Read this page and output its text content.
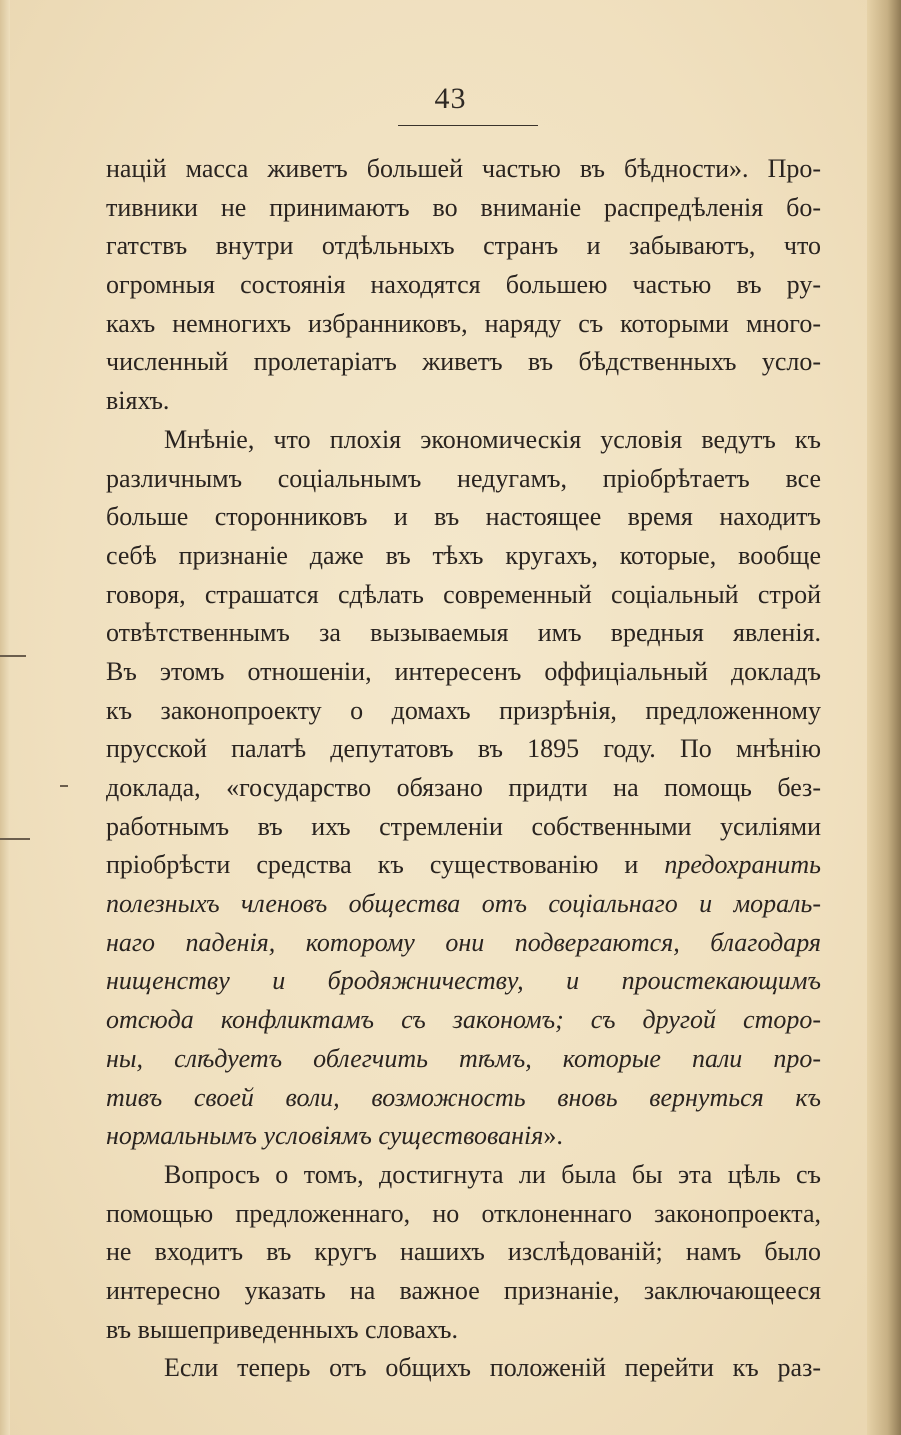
43
націй масса живетъ большей частью въ бѣдности». Про-
тивники не принимаютъ во вниманіе распредѣленія бо-
гатствъ внутри отдѣльныхъ странъ и забываютъ, что
огромныя состоянія находятся большею частью въ ру-
кахъ немногихъ избранниковъ, наряду съ которыми много-
численный пролетаріатъ живетъ въ бѣдственныхъ усло-
віяхъ.
Мнѣніе, что плохія экономическія условія ведутъ къ
различнымъ соціальнымъ недугамъ, пріобрѣтаетъ все
больше сторонниковъ и въ настоящее время находитъ
себѣ признаніе даже въ тѣхъ кругахъ, которые, вообще
говоря, страшатся сдѣлать современный соціальный строй
отвѣтственнымъ за вызываемыя имъ вредныя явленія.
Въ этомъ отношеніи, интересенъ оффиціальный докладъ
къ законопроекту о домахъ призрѣнія, предложенному
прусской палатѣ депутатовъ въ 1895 году. По мнѣнію
доклада, «государство обязано придти на помощь без-
работнымъ въ ихъ стремленіи собственными усиліями
пріобрѣсти средства къ существованію и предохранить
полезныхъ членовъ общества отъ соціальнаго и мораль-
наго паденія, которому они подвергаются, благодаря
нищенству и бродяжничеству, и проистекающимъ
отсюда конфликтамъ съ закономъ; съ другой сторо-
ны, слѣдуетъ облегчить тѣмъ, которые пали про-
тивъ своей воли, возможность вновь вернуться къ
нормальнымъ условіямъ существованія».
Вопросъ о томъ, достигнута ли была бы эта цѣль съ
помощью предложеннаго, но отклоненнаго законопроекта,
не входитъ въ кругъ нашихъ изслѣдованій; намъ было
интересно указать на важное признаніе, заключающееся
въ вышеприведенныхъ словахъ.
Если теперь отъ общихъ положеній перейти къ раз-
